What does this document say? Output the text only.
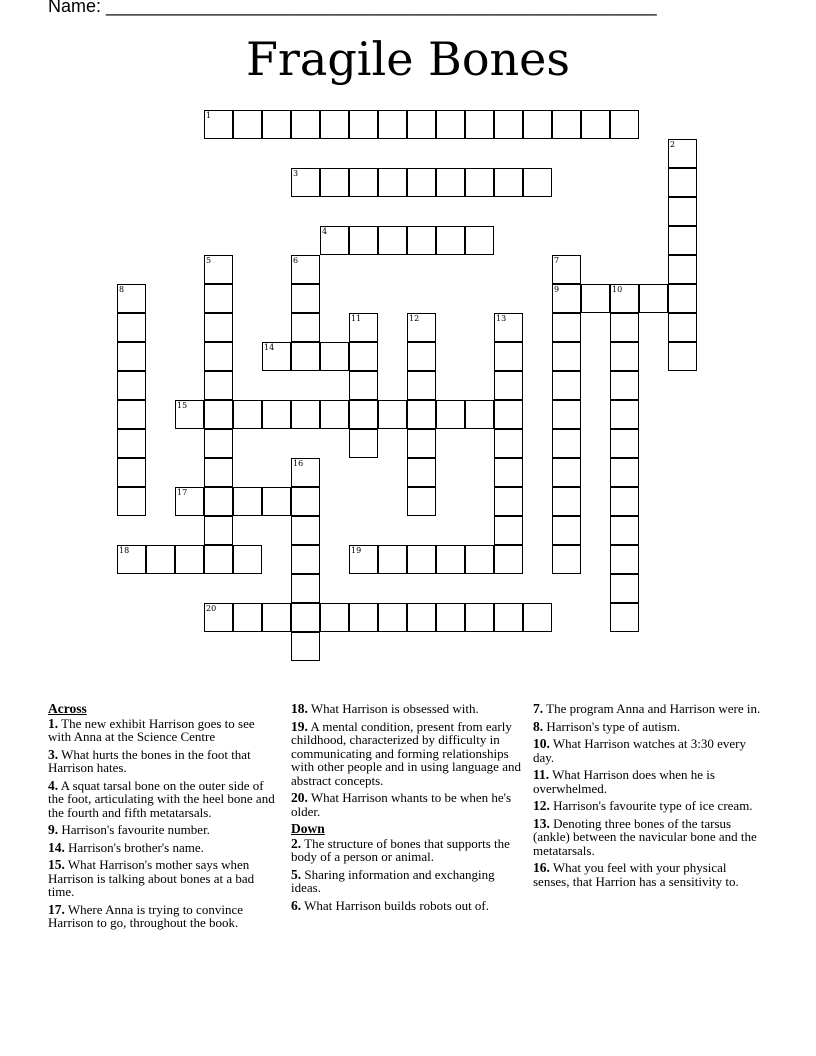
Name: _______________________________________________________
Fragile Bones
1
2
3
4
5	6	7
9
8	10
11	12	13
14
15
16
17
18	19
20
Across
1. The new exhibit Harrison goes to see with Anna at the Science Centre
3. What hurts the bones in the foot that Harrison hates.
4. A squat tarsal bone on the outer side of the foot, articulating with the heel bone and the fourth and fifth metatarsals.
9. Harrison's favourite number.
14. Harrison's brother's name.
15. What Harrison's mother says when Harrison is talking about bones at a bad time.
17. Where Anna is trying to convince Harrison to go, throughout the book.
18. What Harrison is obsessed with.
19. A mental condition, present from early childhood, characterized by difficulty in communicating and forming relationships with other people and in using language and abstract concepts.
20. What Harrison whants to be when he's older.
Down
2. The structure of bones that supports the body of a person or animal.
5. Sharing information and exchanging ideas.
6. What Harrison builds robots out of.
7. The program Anna and Harrison were in.
8. Harrison's type of autism.
10. What Harrison watches at 3:30 every day.
11. What Harrison does when he is overwhelmed.
12. Harrison's favourite type of ice cream.
13. Denoting three bones of the tarsus (ankle) between the navicular bone and the metatarsals.
16. What you feel with your physical senses, that Harrion has a sensitivity to.
